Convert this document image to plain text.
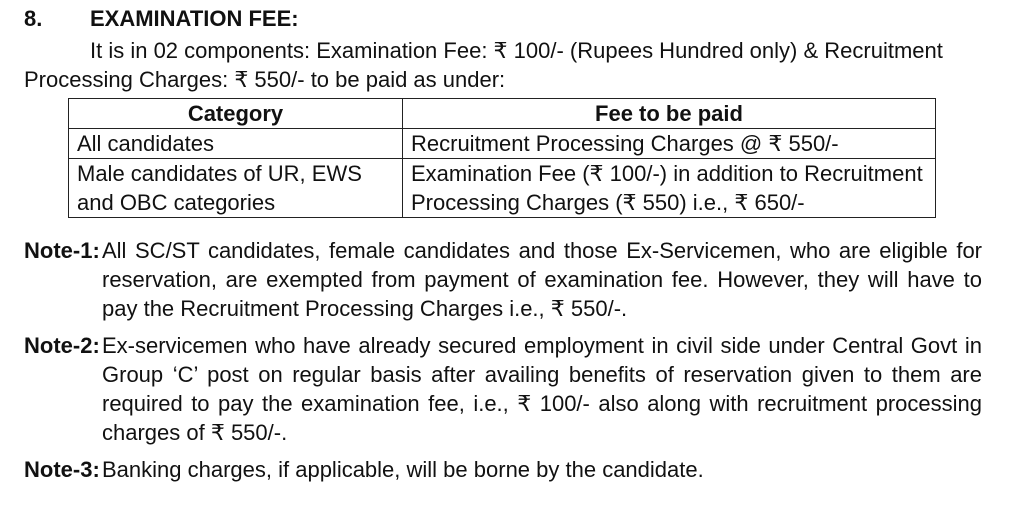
8. EXAMINATION FEE:
It is in 02 components: Examination Fee: ₹ 100/- (Rupees Hundred only) & Recruitment
Processing Charges: ₹ 550/- to be paid as under:
Category	Fee to be paid
All candidates	Recruitment Processing Charges @ ₹ 550/-
Male candidates of UR, EWS and OBC categories	Examination Fee (₹ 100/-) in addition to Recruitment Processing Charges (₹ 550) i.e., ₹ 650/-
Note-1: All SC/ST candidates, female candidates and those Ex-Servicemen, who are eligible for reservation, are exempted from payment of examination fee. However, they will have to pay the Recruitment Processing Charges i.e., ₹ 550/-.
Note-2: Ex-servicemen who have already secured employment in civil side under Central Govt in Group ‘C’ post on regular basis after availing benefits of reservation given to them are required to pay the examination fee, i.e., ₹ 100/- also along with recruitment processing charges of ₹ 550/-.
Note-3: Banking charges, if applicable, will be borne by the candidate.
